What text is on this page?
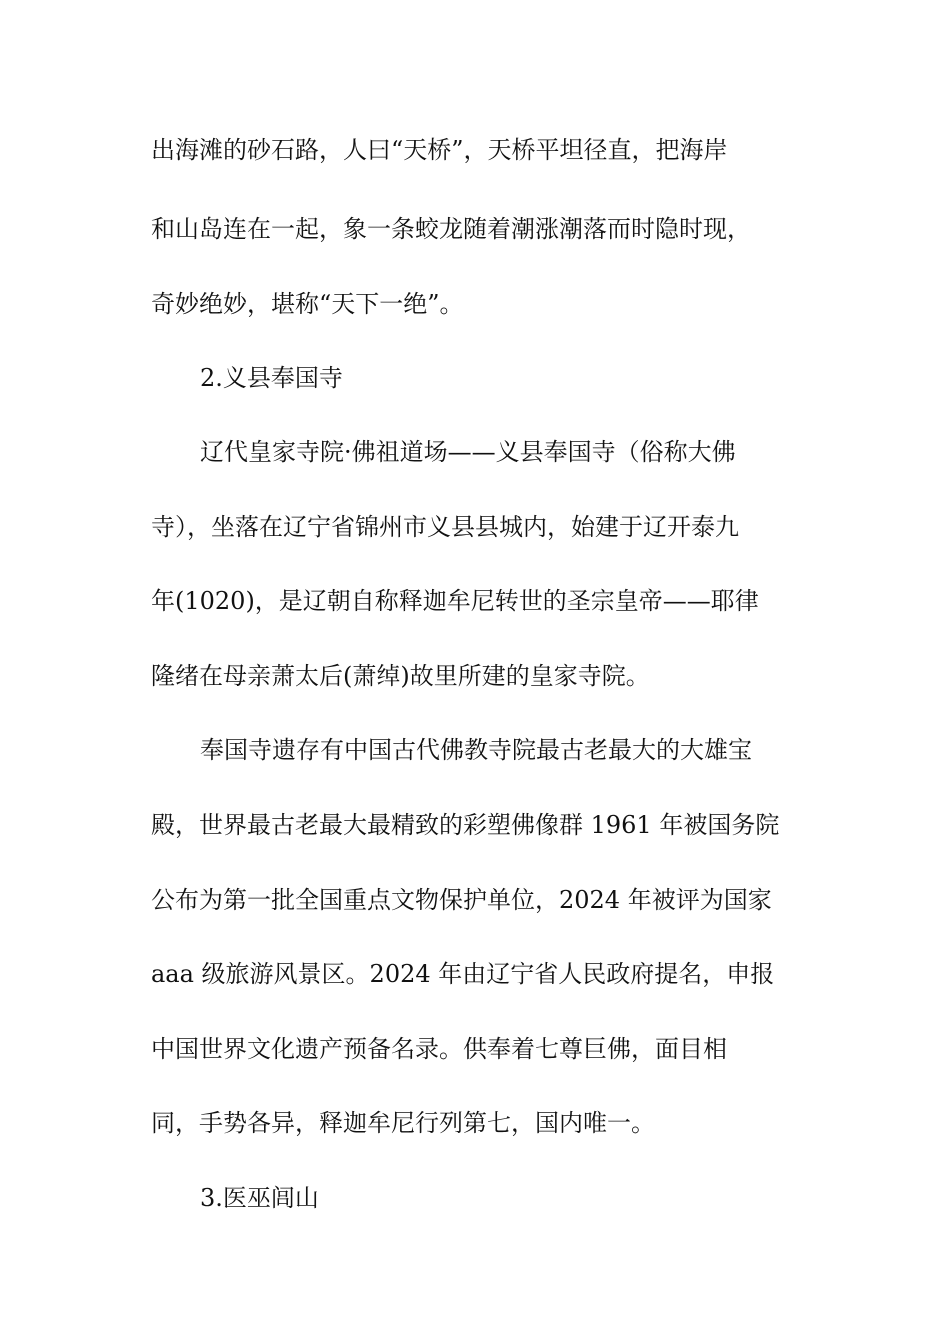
出海滩的砂石路，人曰“天桥”，天桥平坦径直，把海岸
和山岛连在一起，象一条蛟龙随着潮涨潮落而时隐时现，
奇妙绝妙，堪称“天下一绝”。
2.义县奉国寺
辽代皇家寺院·佛祖道场——义县奉国寺（俗称大佛
寺），坐落在辽宁省锦州市义县县城内，始建于辽开泰九
年(1020)，是辽朝自称释迦牟尼转世的圣宗皇帝——耶律
隆绪在母亲萧太后(萧绰)故里所建的皇家寺院。
奉国寺遗存有中国古代佛教寺院最古老最大的大雄宝
殿，世界最古老最大最精致的彩塑佛像群 1961 年被国务院
公布为第一批全国重点文物保护单位，2024 年被评为国家
aaa 级旅游风景区。2024 年由辽宁省人民政府提名，申报
中国世界文化遗产预备名录。供奉着七尊巨佛，面目相
同，手势各异，释迦牟尼行列第七，国内唯一。
3.医巫闾山
